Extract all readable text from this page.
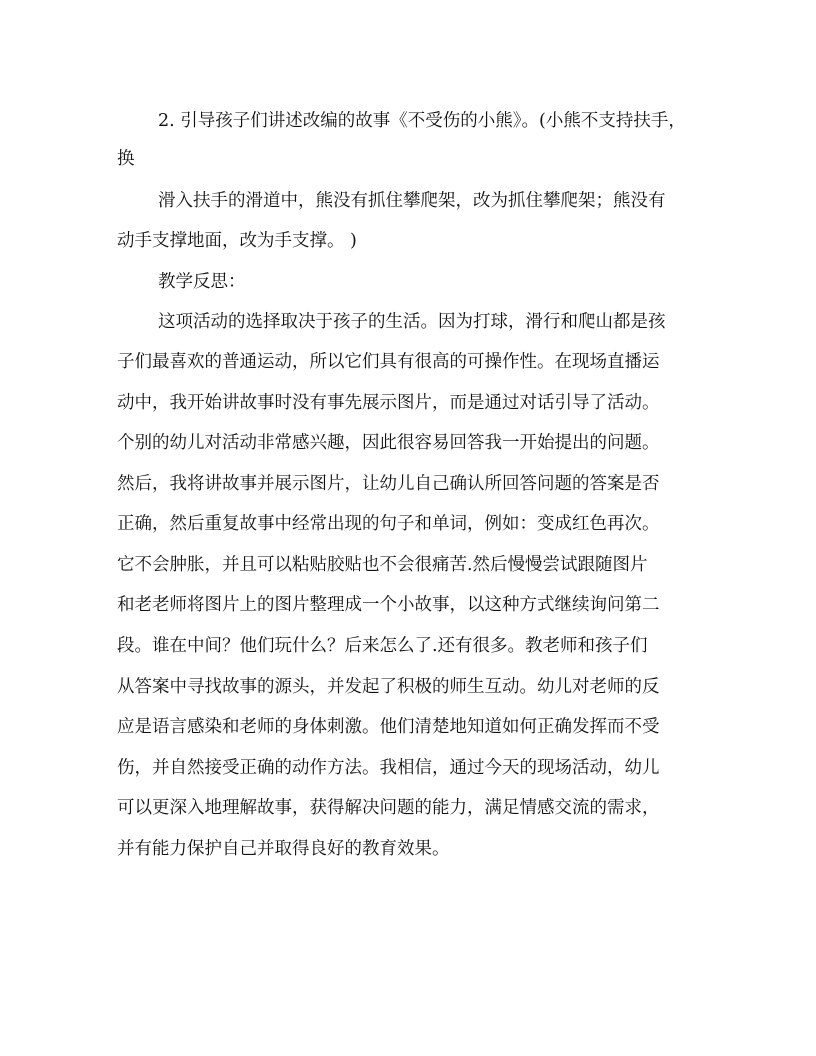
2. 引导孩子们讲述改编的故事《不受伤的小熊》。(小熊不支持扶手，
换
滑入扶手的滑道中，熊没有抓住攀爬架，改为抓住攀爬架；熊没有
动手支撑地面，改为手支撑。 )
教学反思：
这项活动的选择取决于孩子的生活。因为打球，滑行和爬山都是孩
子们最喜欢的普通运动，所以它们具有很高的可操作性。在现场直播运
动中，我开始讲故事时没有事先展示图片，而是通过对话引导了活动。
个别的幼儿对活动非常感兴趣，因此很容易回答我一开始提出的问题。
然后，我将讲故事并展示图片，让幼儿自己确认所回答问题的答案是否
正确，然后重复故事中经常出现的句子和单词，例如：变成红色再次。
它不会肿胀，并且可以粘贴胶贴也不会很痛苦.然后慢慢尝试跟随图片
和老老师将图片上的图片整理成一个小故事，以这种方式继续询问第二
段。谁在中间？他们玩什么？后来怎么了.还有很多。教老师和孩子们
从答案中寻找故事的源头，并发起了积极的师生互动。幼儿对老师的反
应是语言感染和老师的身体刺激。他们清楚地知道如何正确发挥而不受
伤，并自然接受正确的动作方法。我相信，通过今天的现场活动，幼儿
可以更深入地理解故事，获得解决问题的能力，满足情感交流的需求，
并有能力保护自己并取得良好的教育效果。
